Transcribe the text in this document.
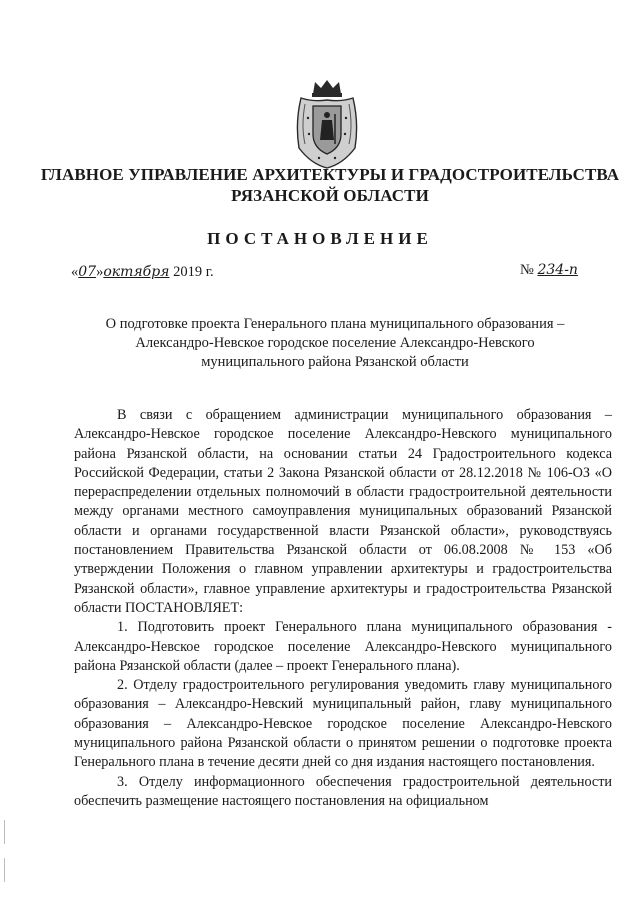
ГЛАВНОЕ УПРАВЛЕНИЕ АРХИТЕКТУРЫ И ГРАДОСТРОИТЕЛЬСТВА
РЯЗАНСКОЙ ОБЛАСТИ
ПОСТАНОВЛЕНИЕ
«07»октября 2019 г.	№ 234-п
О подготовке проекта Генерального плана муниципального образования –
Александро-Невское городское поселение Александро-Невского
муниципального района Рязанской области

В связи с обращением администрации муниципального образования – Александро-Невское городское поселение Александро-Невского муниципального района Рязанской области, на основании статьи 24 Градостроительного кодекса Российской Федерации, статьи 2 Закона Рязанской области от 28.12.2018 № 106-ОЗ «О перераспределении отдельных полномочий в области градостроительной деятельности между органами местного самоуправления муниципальных образований Рязанской области и органами государственной власти Рязанской области», руководствуясь постановлением Правительства Рязанской области от 06.08.2008 № 153 «Об утверждении Положения о главном управлении архитектуры и градостроительства Рязанской области», главное управление архитектуры и градостроительства Рязанской области ПОСТАНОВЛЯЕТ:

1. Подготовить проект Генерального плана муниципального образования - Александро-Невское городское поселение Александро-Невского муниципального района Рязанской области (далее – проект Генерального плана).

2. Отделу градостроительного регулирования уведомить главу муниципального образования – Александро-Невский муниципальный район, главу муниципального образования – Александро-Невское городское поселение Александро-Невского муниципального района Рязанской области о принятом решении о подготовке проекта Генерального плана в течение десяти дней со дня издания настоящего постановления.

3. Отделу информационного обеспечения градостроительной деятельности обеспечить размещение настоящего постановления на официальном
